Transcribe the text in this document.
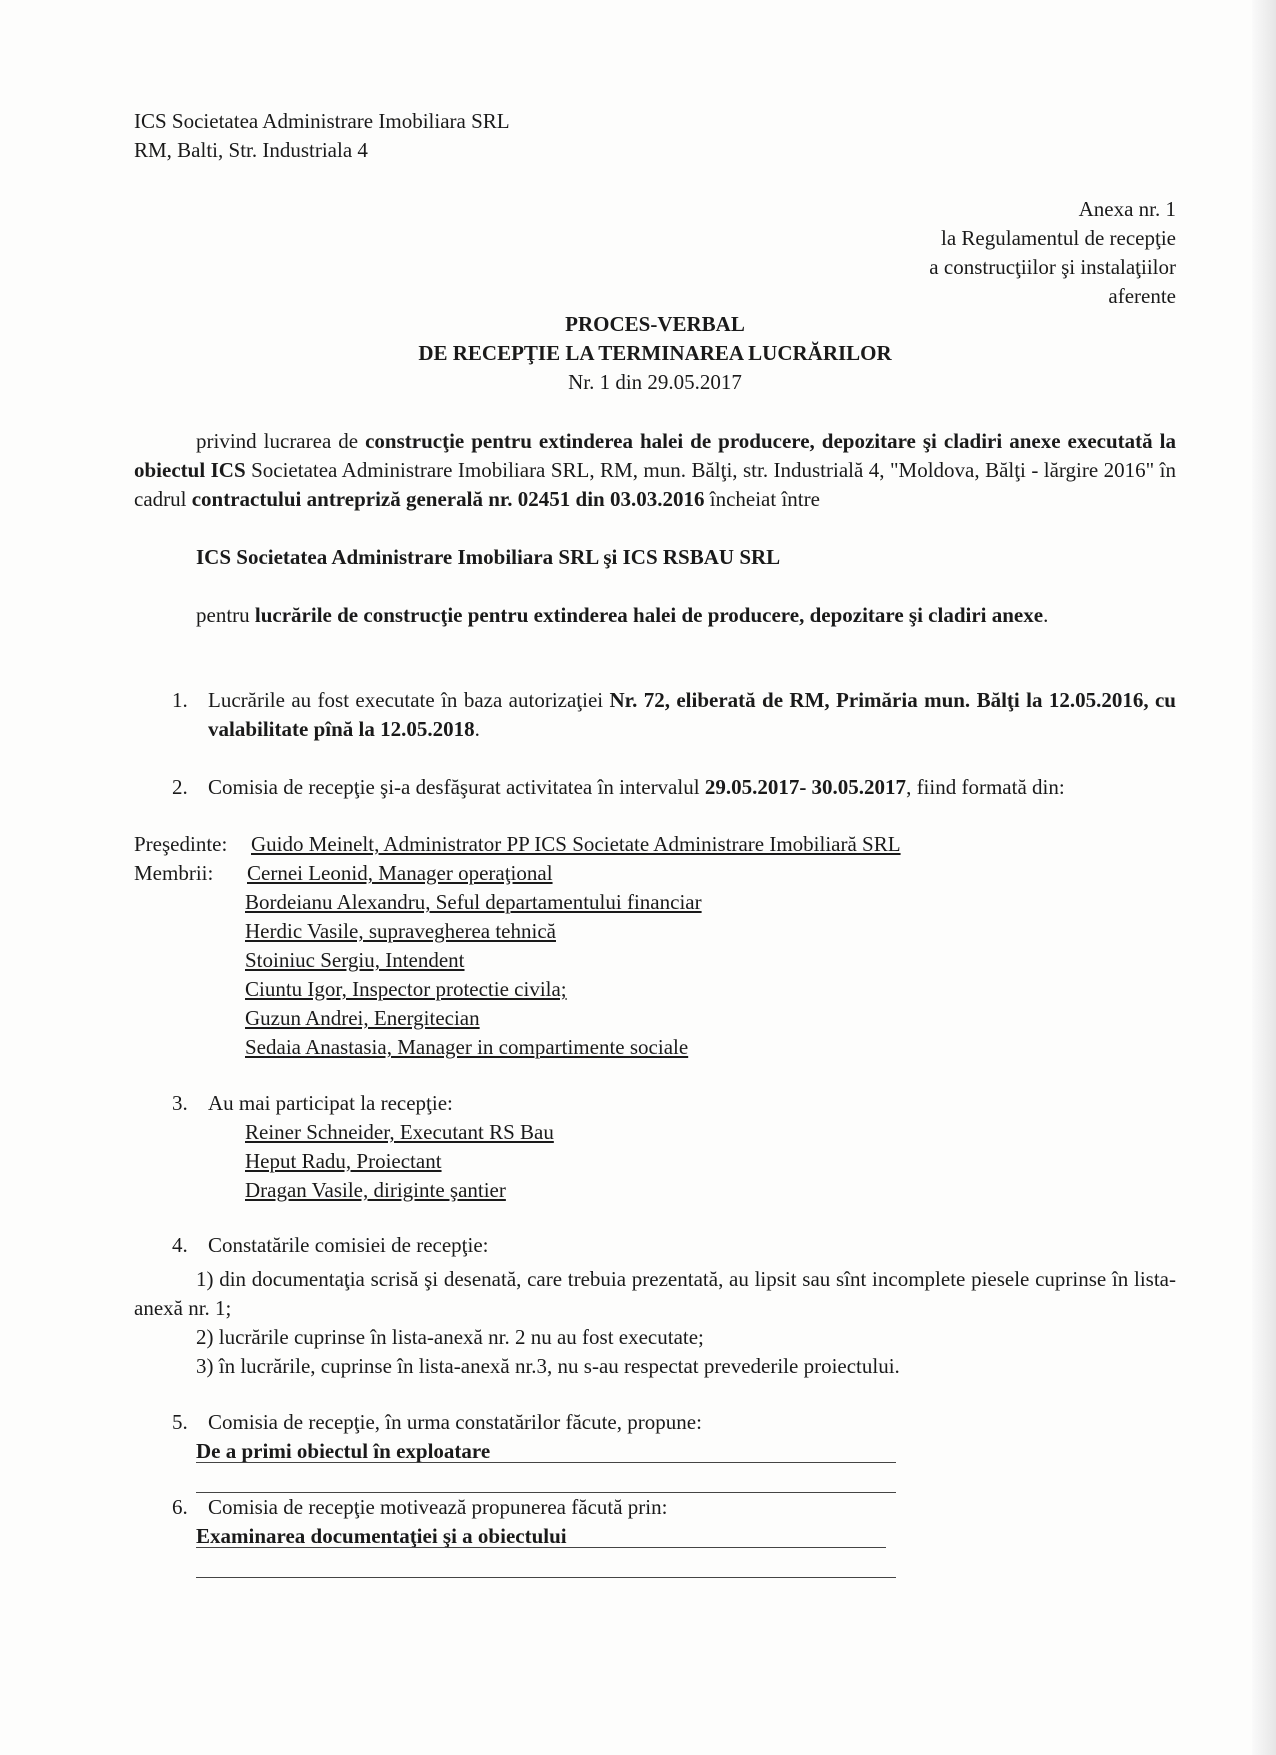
ICS Societatea Administrare Imobiliara SRL
RM, Balti, Str. Industriala 4
Anexa nr. 1
la Regulamentul de recepţie
a construcţiilor şi instalaţiilor
aferente
PROCES-VERBAL
DE RECEPŢIE LA TERMINAREA LUCRĂRILOR
Nr. 1 din 29.05.2017
privind lucrarea de construcţie pentru extinderea halei de producere, depozitare şi cladiri anexe executată la obiectul ICS Societatea Administrare Imobiliara SRL, RM, mun. Bălţi, str. Industrială 4, "Moldova, Bălţi - lărgire 2016" în cadrul contractului antrepriză generală nr. 02451 din 03.03.2016 încheiat între
ICS Societatea Administrare Imobiliara SRL şi ICS RSBAU SRL
pentru lucrările de construcţie pentru extinderea halei de producere, depozitare şi cladiri anexe.
1. Lucrările au fost executate în baza autorizaţiei Nr. 72, eliberată de RM, Primăria mun. Bălţi la 12.05.2016, cu valabilitate pînă la 12.05.2018.
2. Comisia de recepţie şi-a desfăşurat activitatea în intervalul 29.05.2017- 30.05.2017, fiind formată din:
Preşedinte: Guido Meinelt, Administrator PP ICS Societate Administrare Imobiliară SRL
Membrii: Cernei Leonid, Manager operaţional
Bordeianu Alexandru, Seful departamentului financiar
Herdic Vasile, supravegherea tehnică
Stoiniuc Sergiu, Intendent
Ciuntu Igor, Inspector protectie civila;
Guzun Andrei, Energitecian
Sedaia Anastasia, Manager in compartimente sociale
3. Au mai participat la recepţie:
Reiner Schneider, Executant RS Bau
Heput Radu, Proiectant
Dragan Vasile, diriginte şantier
4. Constatările comisiei de recepţie:
1) din documentaţia scrisă şi desenată, care trebuia prezentată, au lipsit sau sînt incomplete piesele cuprinse în lista-anexă nr. 1;
2) lucrările cuprinse în lista-anexă nr. 2 nu au fost executate;
3) în lucrările, cuprinse în lista-anexă nr.3, nu s-au respectat prevederile proiectului.
5. Comisia de recepţie, în urma constatărilor făcute, propune:
De a primi obiectul în exploatare
6. Comisia de recepţie motivează propunerea făcută prin:
Examinarea documentaţiei şi a obiectului
